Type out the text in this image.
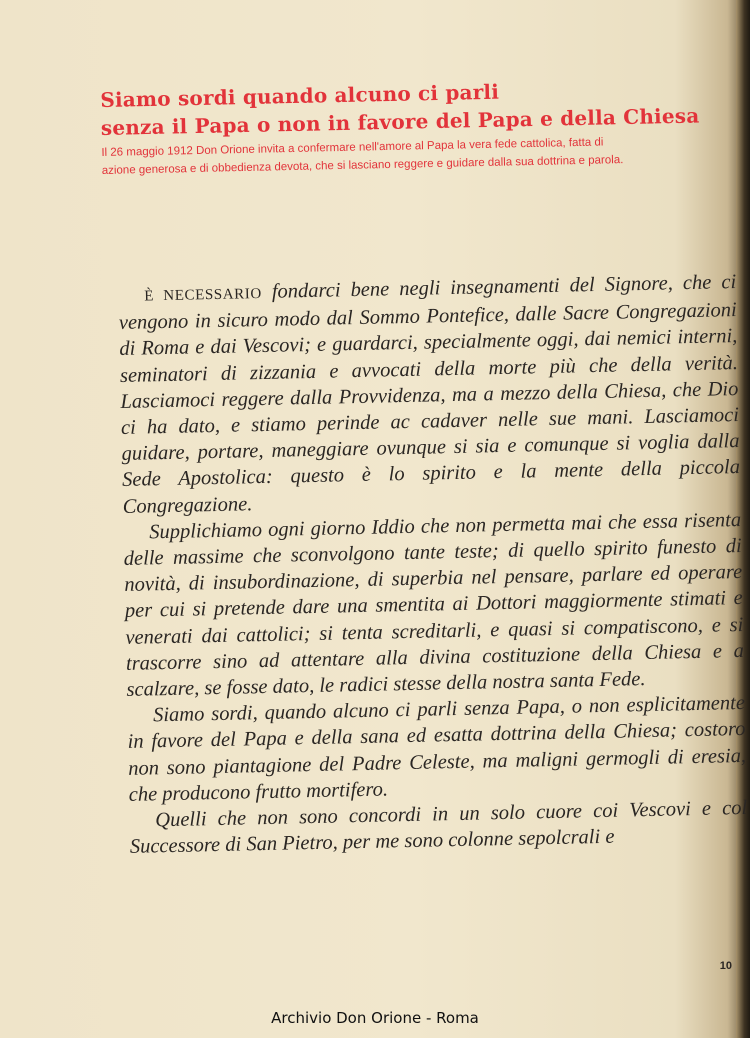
Siamo sordi quando alcuno ci parli
senza il Papa o non in favore del Papa e della Chiesa
Il 26 maggio 1912 Don Orione invita a confermare nell'amore al Papa la vera fede cattolica, fatta di
azione generosa e di obbedienza devota, che si lasciano reggere e guidare dalla sua dottrina e parola.

È NECESSARIO fondarci bene negli insegnamenti del Signore, che ci vengono in sicuro modo dal Sommo Pontefice, dalle Sacre Congregazioni di Roma e dai Vescovi; e guardarci, specialmente oggi, dai nemici interni, seminatori di zizzania e avvocati della morte più che della verità. Lasciamoci reggere dalla Provvidenza, ma a mezzo della Chiesa, che Dio ci ha dato, e stiamo perinde ac cadaver nelle sue mani. Lasciamoci guidare, portare, maneggiare ovunque si sia e comunque si voglia dalla Sede Apostolica: questo è lo spirito e la mente della piccola Congregazione.

Supplichiamo ogni giorno Iddio che non permetta mai che essa risenta delle massime che sconvolgono tante teste; di quello spirito funesto di novità, di insubordinazione, di superbia nel pensare, parlare ed operare per cui si pretende dare una smentita ai Dottori maggiormente stimati e venerati dai cattolici; si tenta screditarli, e quasi si compatiscono, e si trascorre sino ad attentare alla divina costituzione della Chiesa e a scalzare, se fosse dato, le radici stesse della nostra santa Fede.

Siamo sordi, quando alcuno ci parli senza Papa, o non esplicitamente in favore del Papa e della sana ed esatta dottrina della Chiesa; costoro non sono piantagione del Padre Celeste, ma maligni germogli di eresia, che producono frutto mortifero.

Quelli che non sono concordi in un solo cuore coi Vescovi e col Successore di San Pietro, per me sono colonne sepolcrali e

10
Archivio Don Orione - Roma
